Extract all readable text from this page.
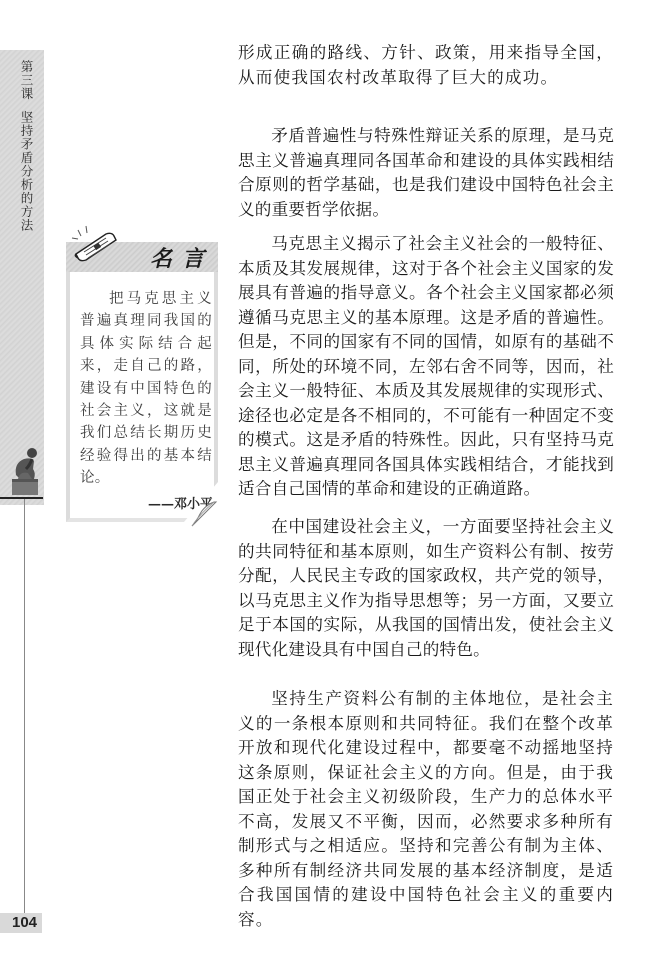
第三课坚持矛盾分析的方法
名言
把马克思主义普遍真理同我国的具体实际结合起来，走自己的路，建设有中国特色的社会主义，这就是我们总结长期历史经验得出的基本结论。
——邓小平
104

形成正确的路线、方针、政策，用来指导全国，从而使我国农村改革取得了巨大的成功。

矛盾普遍性与特殊性辩证关系的原理，是马克思主义普遍真理同各国革命和建设的具体实践相结合原则的哲学基础，也是我们建设中国特色社会主义的重要哲学依据。

马克思主义揭示了社会主义社会的一般特征、本质及其发展规律，这对于各个社会主义国家的发展具有普遍的指导意义。各个社会主义国家都必须遵循马克思主义的基本原理。这是矛盾的普遍性。但是，不同的国家有不同的国情，如原有的基础不同，所处的环境不同，左邻右舍不同等，因而，社会主义一般特征、本质及其发展规律的实现形式、途径也必定是各不相同的，不可能有一种固定不变的模式。这是矛盾的特殊性。因此，只有坚持马克思主义普遍真理同各国具体实践相结合，才能找到适合自己国情的革命和建设的正确道路。

在中国建设社会主义，一方面要坚持社会主义的共同特征和基本原则，如生产资料公有制、按劳分配，人民民主专政的国家政权，共产党的领导，以马克思主义作为指导思想等；另一方面，又要立足于本国的实际，从我国的国情出发，使社会主义现代化建设具有中国自己的特色。

坚持生产资料公有制的主体地位，是社会主义的一条根本原则和共同特征。我们在整个改革开放和现代化建设过程中，都要毫不动摇地坚持这条原则，保证社会主义的方向。但是，由于我国正处于社会主义初级阶段，生产力的总体水平不高，发展又不平衡，因而，必然要求多种所有制形式与之相适应。坚持和完善公有制为主体、多种所有制经济共同发展的基本经济制度，是适合我国国情的建设中国特色社会主义的重要内容。
